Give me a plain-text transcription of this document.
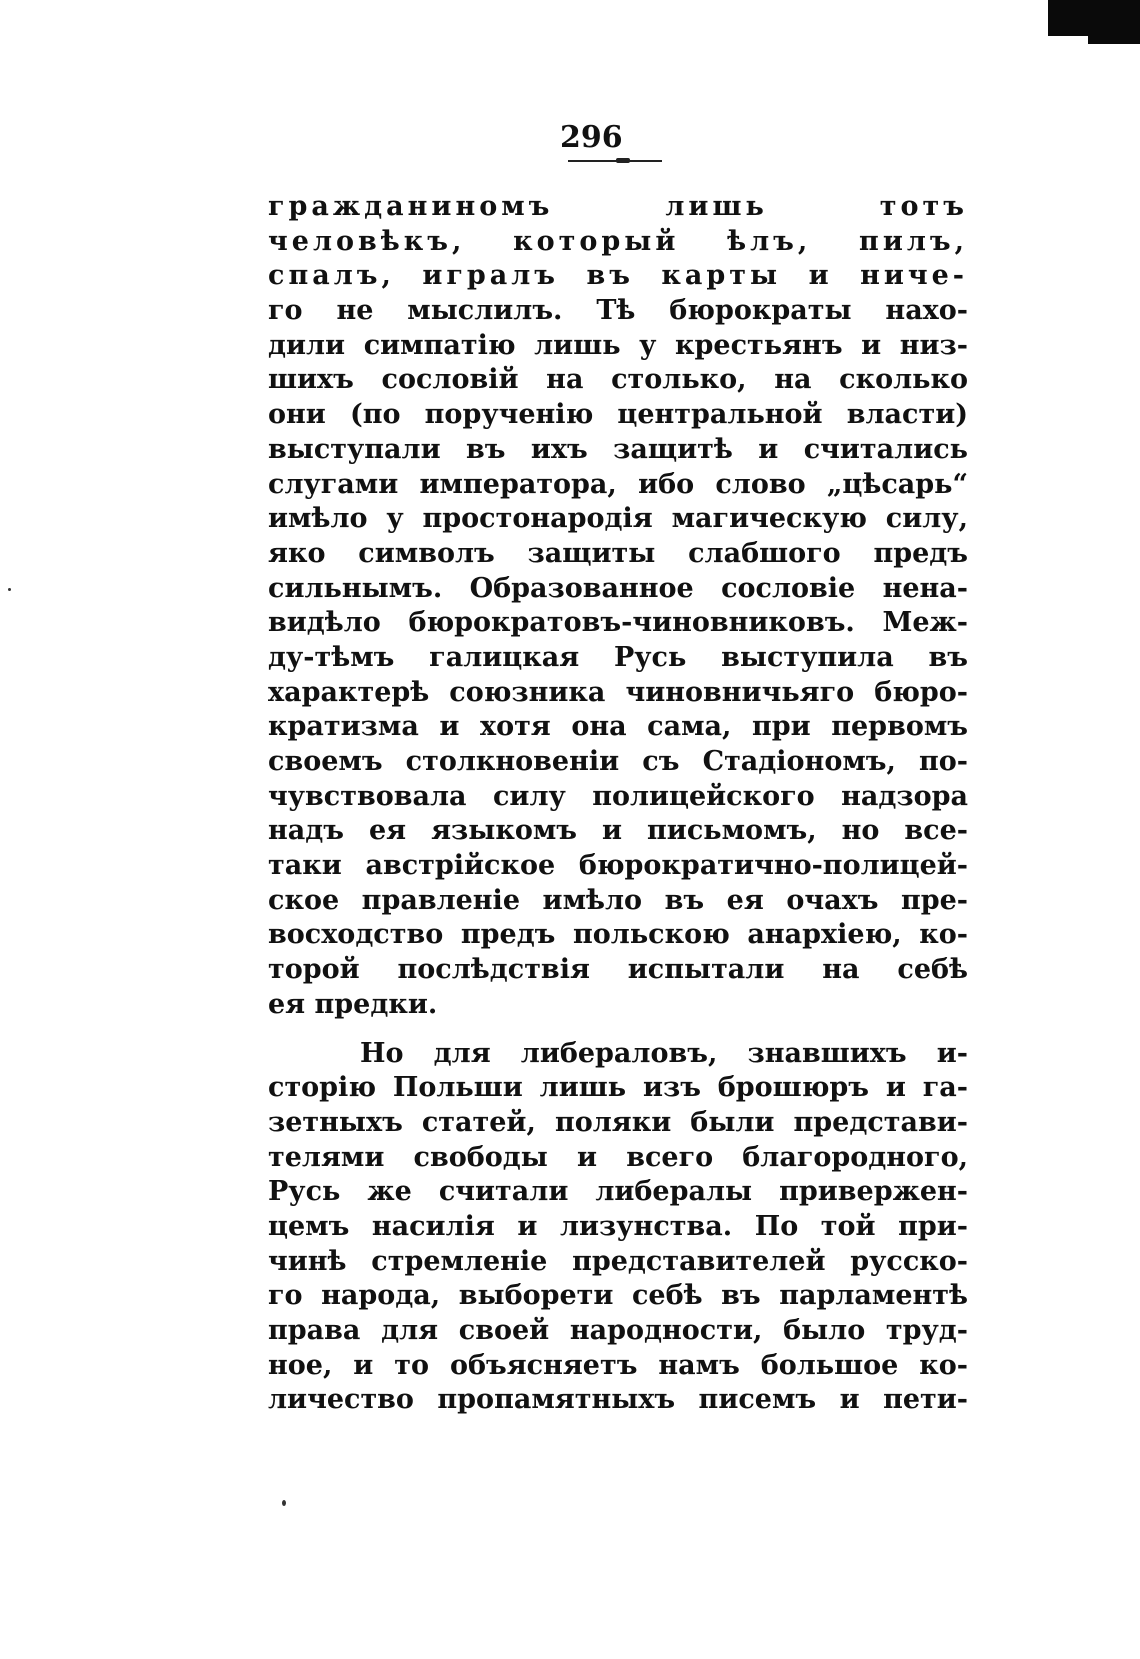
296
гражданиномъ лишь тотъ
человѣкъ, который ѣлъ, пилъ,
спалъ, игралъ въ карты и ниче-
го не мыслилъ. Тѣ бюрократы нахо-
дили симпатію лишь у крестьянъ и низ-
шихъ сословій на столько, на сколько
они (по порученію центральной власти)
выступали въ ихъ защитѣ и считались
слугами императора, ибо слово „цѣсарь“
имѣло у простонародія магическую силу,
яко символъ защиты слабшого предъ
сильнымъ. Образованное сословіе нена-
видѣло бюрократовъ-чиновниковъ. Меж-
ду-тѣмъ галицкая Русь выступила въ
характерѣ союзника чиновничьяго бюро-
кратизма и хотя она сама, при первомъ
своемъ столкновеніи съ Стадіономъ, по-
чувствовала силу полицейского надзора
надъ ея языкомъ и письмомъ, но все-
таки австрійское бюрократично-полицей-
ское правленіе имѣло въ ея очахъ пре-
восходство предъ польскою анархіею, ко-
торой послѣдствія испытали на себѣ
ея предки.
Но для либераловъ, знавшихъ и-
сторію Польши лишь изъ брошюръ и га-
зетныхъ статей, поляки были представи-
телями свободы и всего благородного,
Русь же считали либералы привержен-
цемъ насилія и лизунства. По той при-
чинѣ стремленіе представителей русско-
го народа, выборети себѣ въ парламентѣ
права для своей народности, было труд-
ное, и то объясняетъ намъ большое ко-
личество пропамятныхъ писемъ и пети-
